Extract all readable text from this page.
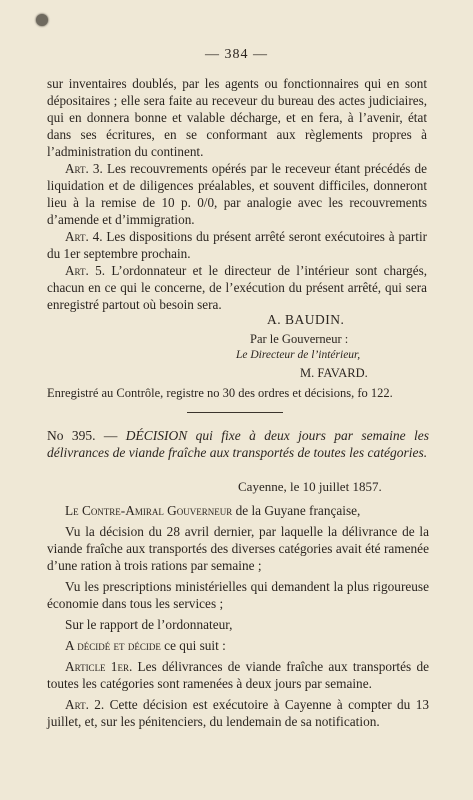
— 384 —

sur inventaires doublés, par les agents ou fonctionnaires qui en sont dépositaires ; elle sera faite au receveur du bureau des actes judiciaires, qui en donnera bonne et valable décharge, et en fera, à l’avenir, état dans ses écritures, en se conformant aux règlements propres à l’administration du continent.

Art. 3. Les recouvrements opérés par le receveur étant précédés de liquidation et de diligences préalables, et souvent difficiles, donneront lieu à la remise de 10 p. 0/0, par analogie avec les recouvrements d’amende et d’immigration.

Art. 4. Les dispositions du présent arrêté seront exécutoires à partir du 1er septembre prochain.

Art. 5. L’ordonnateur et le directeur de l’intérieur sont chargés, chacun en ce qui le concerne, de l’exécution du présent arrêté, qui sera enregistré partout où besoin sera.

A. BAUDIN.
Par le Gouverneur :
Le Directeur de l’intérieur,
M. FAVARD.
Enregistré au Contrôle, registre no 30 des ordres et décisions, fo 122.
No 395. — DÉCISION qui fixe à deux jours par semaine les délivrances de viande fraîche aux transportés de toutes les catégories.
Cayenne, le 10 juillet 1857.

Le Contre-Amiral Gouverneur de la Guyane française,

Vu la décision du 28 avril dernier, par laquelle la délivrance de la viande fraîche aux transportés des diverses catégories avait été ramenée d’une ration à trois rations par semaine ;

Vu les prescriptions ministérielles qui demandent la plus rigoureuse économie dans tous les services ;

Sur le rapport de l’ordonnateur,

A décidé et décide ce qui suit :

Article 1er. Les délivrances de viande fraîche aux transportés de toutes les catégories sont ramenées à deux jours par semaine.

Art. 2. Cette décision est exécutoire à Cayenne à compter du 13 juillet, et, sur les pénitenciers, du lendemain de sa notification.
